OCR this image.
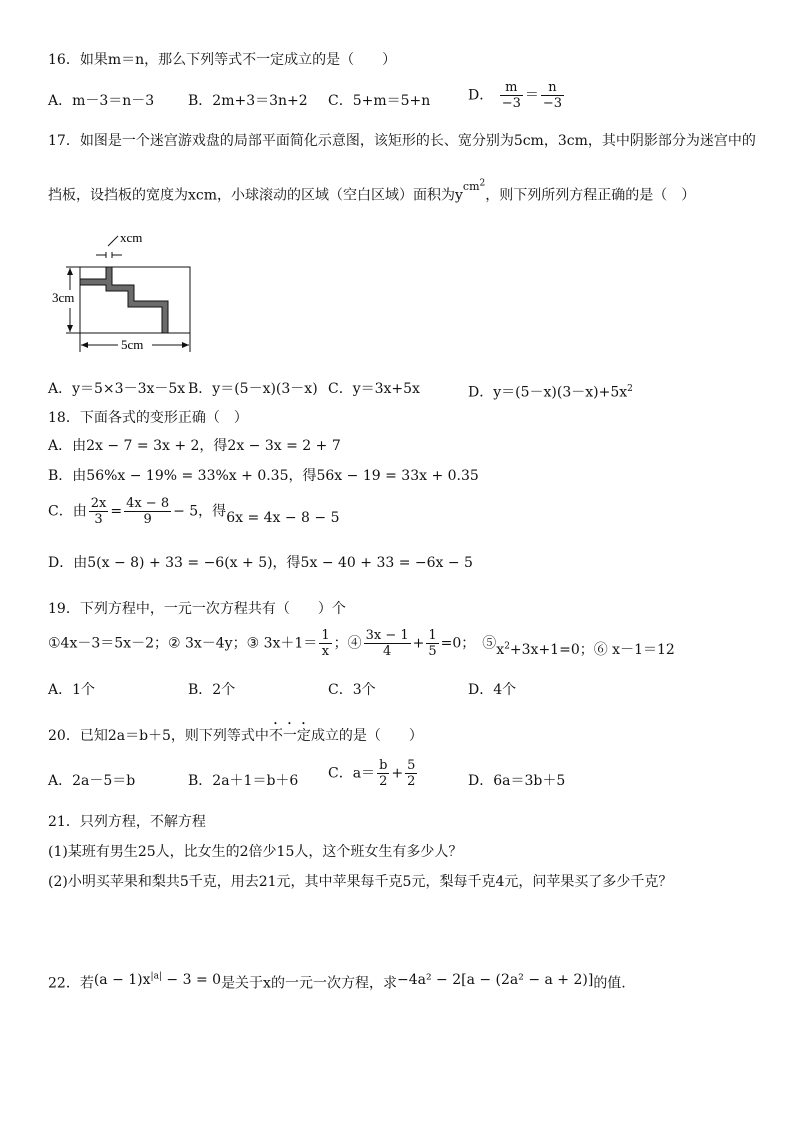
16．如果m＝n，那么下列等式不一定成立的是（　　）
A．m－3＝n－3 B．2m+3＝3n+2 C．5+m＝5+n	D． $\frac{m}{-3} = \frac{n}{-3}$
17．如图是一个迷宫游戏盘的局部平面简化示意图，该矩形的长、宽分别为5cm，3cm，其中阴影部分为迷宫中的
挡板，设挡板的宽度为xcm，小球滚动的区域（空白区域）面积为$y^{cm^2}$，则下列所列方程正确的是（　）
xcm
3cm
5cm
A．y＝5×3－3x－5x B．y＝(5－x)(3－x) C．y＝3x+5x	D．$y=(5-x)(3-x)+5x^2$
18．下面各式的变形正确（　）
A．由2x − 7 = 3x + 2，得2x − 3x = 2 + 7
B．由56%x − 19% = 33%x + 0.35，得56x − 19 = 33x + 0.35
C．由 $\frac{2x}{3} = \frac{4x - 8}{9} - 5$，得6x = 4x − 8 − 5
D．由5(x − 8) + 33 = −6(x + 5)，得5x − 40 + 33 = −6x − 5
19．下列方程中，一元一次方程共有（　　）个
①4x－3＝5x－2；② 3x－4y；③ $3x+1= \frac{1}{x}$ ；④ $\frac{3x - 1}{4} + \frac{1}{5} =0$；　$⑤x^2+3x+1=0$；⑥ x－1＝12
A．1个	B．2个	C．3个	D．4个
20．已知2a＝b＋5，则下列等式中不一定成立的是（　　）
A．2a－5＝b	B．2a＋1＝b＋6 C．$a= \frac{b}{2} + \frac{5}{2}$	D．6a＝3b＋5
21．只列方程，不解方程
(1)某班有男生25人，比女生的2倍少15人，这个班女生有多少人？
(2)小明买苹果和梨共5千克，用去21元，其中苹果每千克5元，梨每千克4元，问苹果买了多少千克？
22．若$(a - 1)x^{|a|} - 3 = 0$是关于x的一元一次方程，求−4a² − 2[a − (2a² − a + 2)]的值.
